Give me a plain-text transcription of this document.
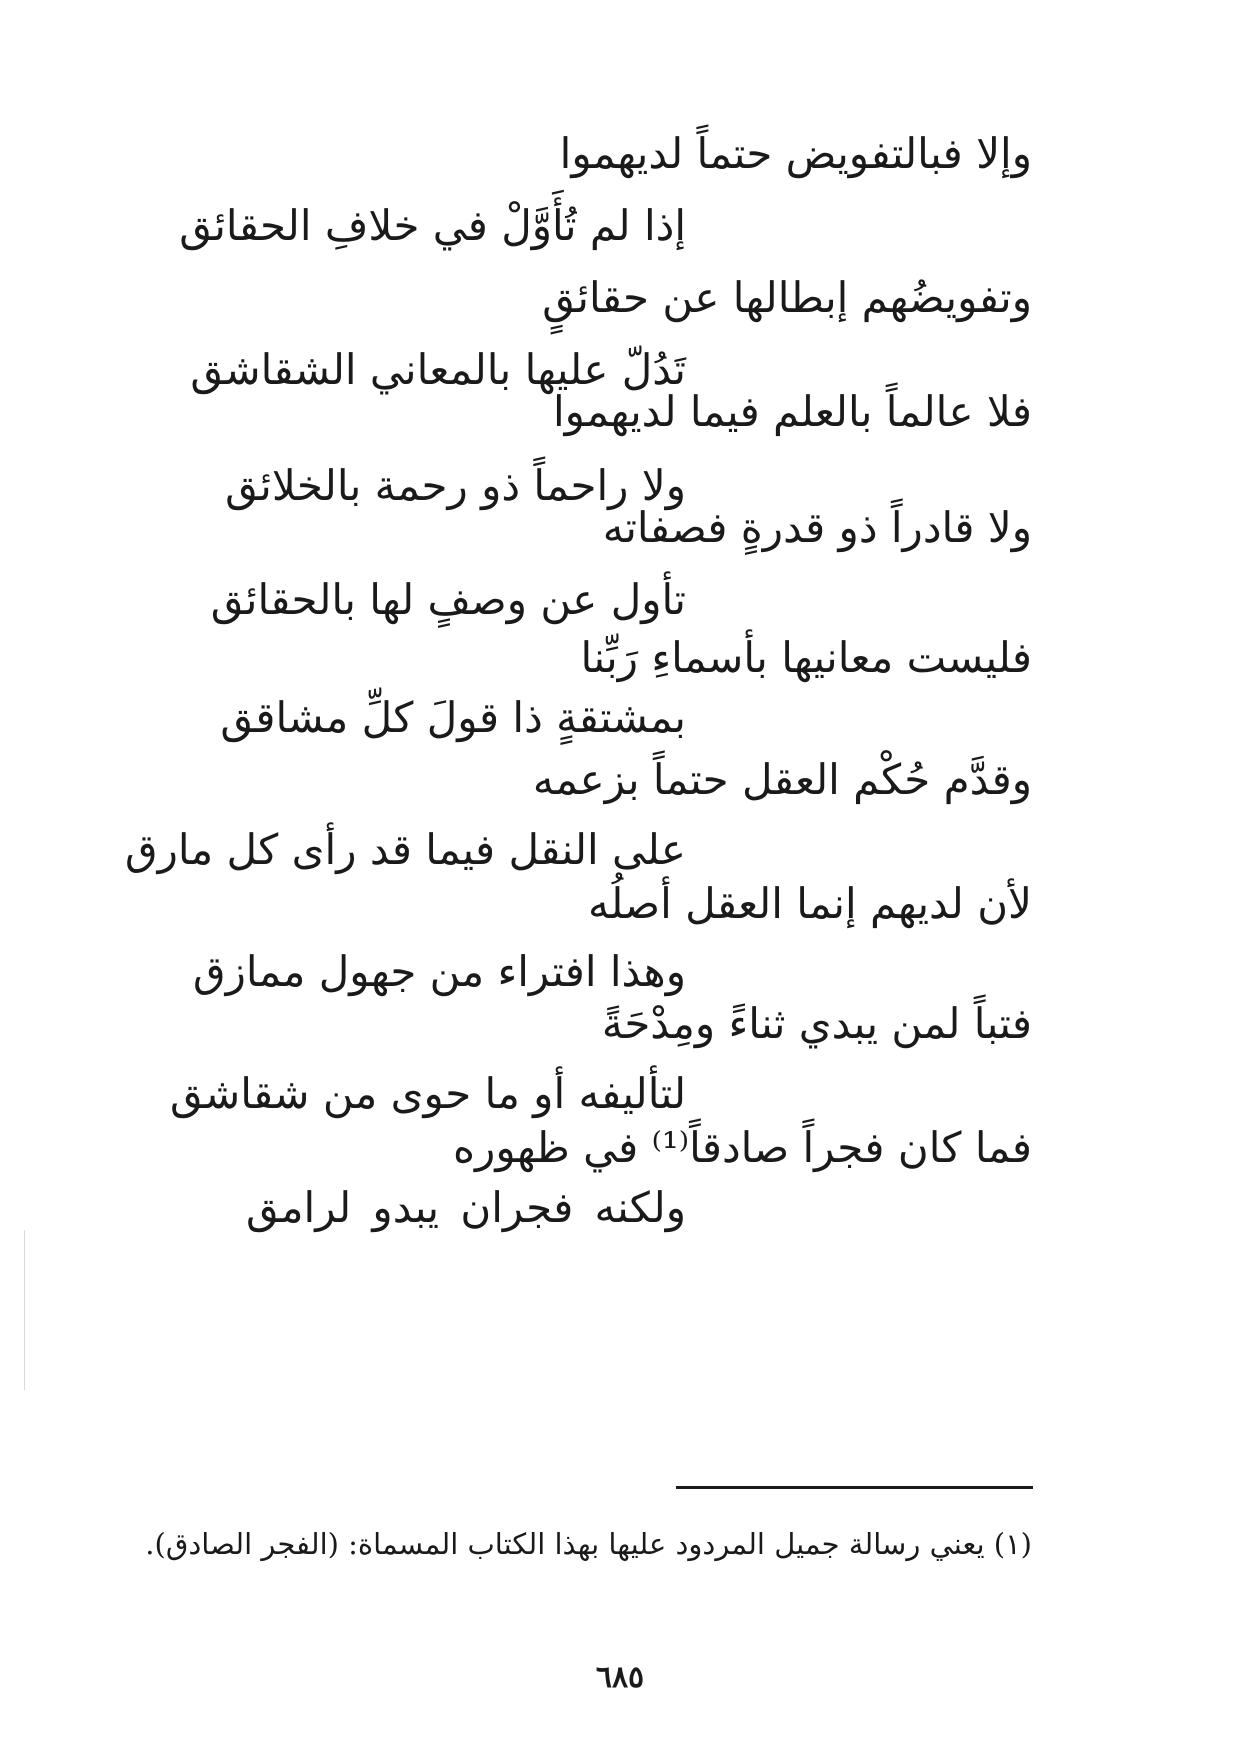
وإلا فبالتفويض حتماً لديهموا
إذا لم تُأَوَّلْ في خلافِ الحقائق
وتفويضُهم إبطالها عن حقائقٍ
تَدُلّ عليها بالمعاني الشقاشق
فلا عالماً بالعلم فيما لديهموا
ولا راحماً ذو رحمة بالخلائق
ولا قادراً ذو قدرةٍ فصفاته
تأول عن وصفٍ لها بالحقائق
فليست معانيها بأسماءِ رَبِّنا
بمشتقةٍ ذا قولَ كلِّ مشاقق
وقدَّم حُكْم العقل حتماً بزعمه
على النقل فيما قد رأى كل مارق
لأن لديهم إنما العقل أصلُه
وهذا افتراء من جهول ممازق
فتباً لمن يبدي ثناءً ومِدْحَةً
لتأليفه أو ما حوى من شقاشق
فما كان فجراً صادقاً⁽¹⁾ في ظهوره
ولكنه فجران يبدو لرامق
(١) يعني رسالة جميل المردود عليها بهذا الكتاب المسماة: (الفجر الصادق).
٦٨٥
